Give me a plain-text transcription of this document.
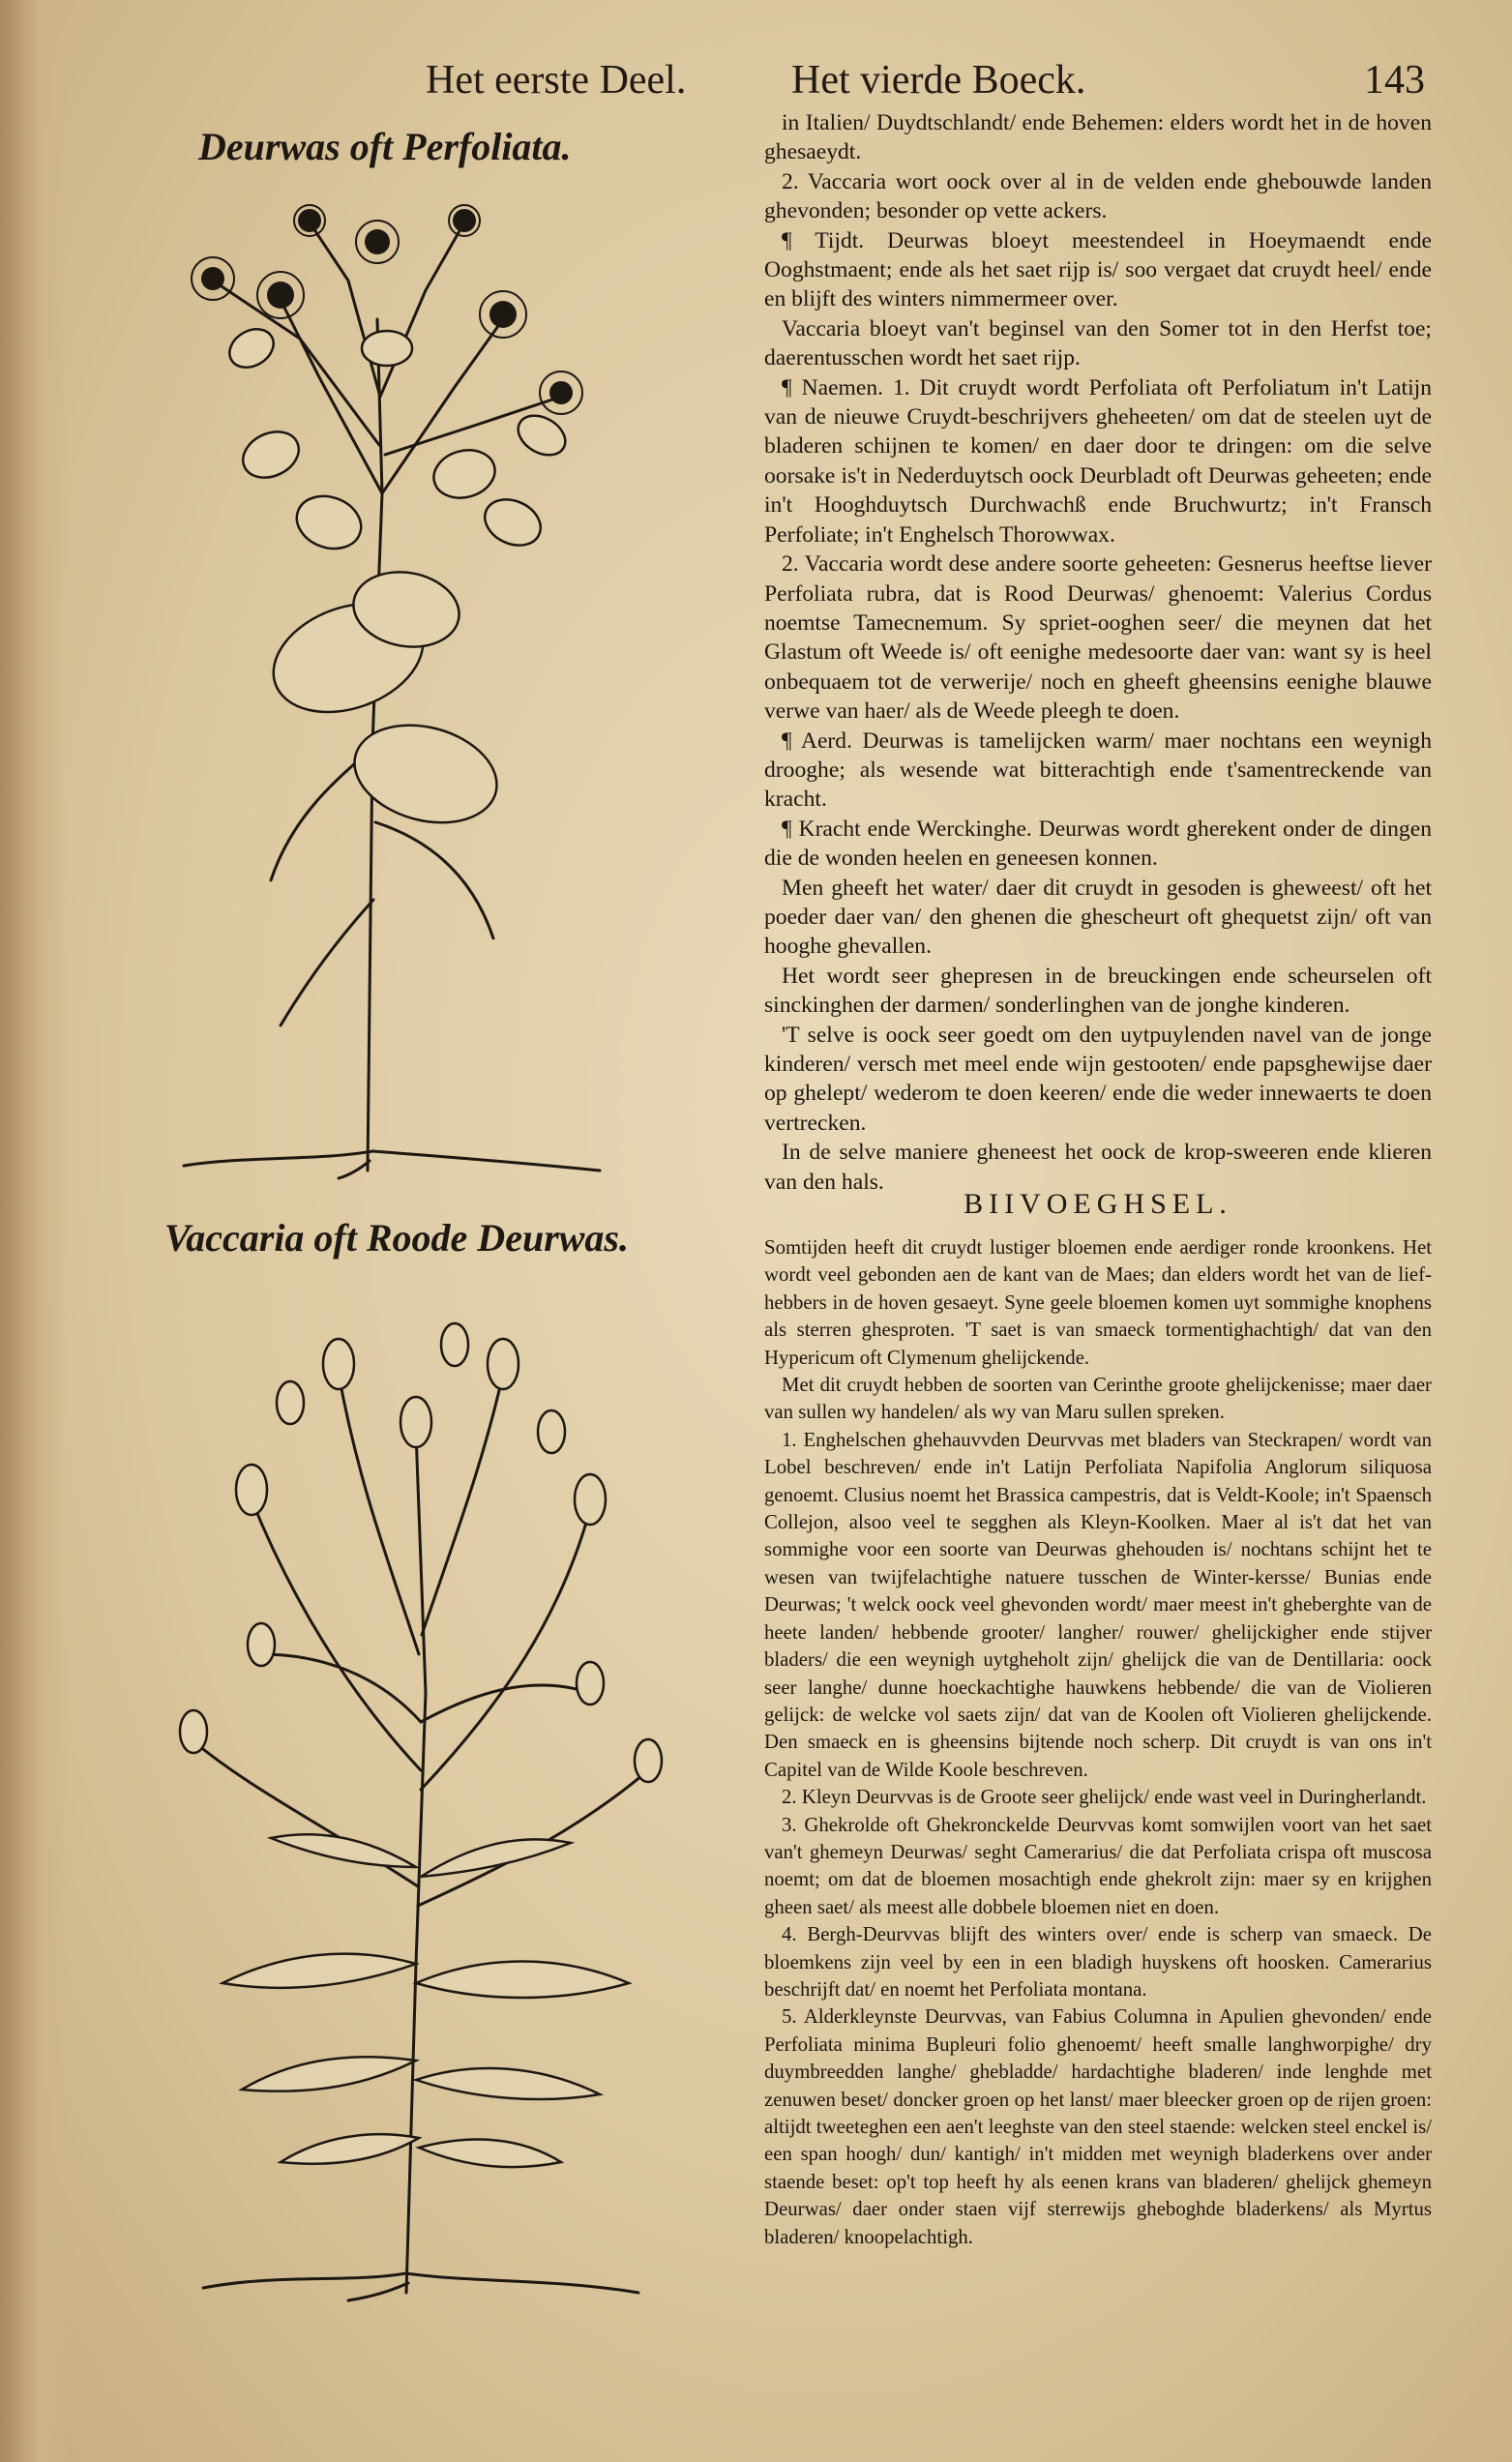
Het eerste Deel.	Het vierde Boeck.	143
Deurwas oft Perfoliata.
Vaccaria oft Roode Deurwas.

in Italien/ Duydtschlandt/ ende Behemen: elders wordt het in de hoven ghesaeydt.

2. Vaccaria wort oock over al in de velden ende ghebouwde landen ghevonden; besonder op vette ackers.

¶ Tijdt. Deurwas bloeyt meestendeel in Hoeymaendt ende Ooghstmaent; ende als het saet rijp is/ soo vergaet dat cruydt heel/ ende en blijft des winters nimmermeer over.

Vaccaria bloeyt van't beginsel van den Somer tot in den Herfst toe; daerentusschen wordt het saet rijp.

¶ Naemen. 1. Dit cruydt wordt Perfoliata oft Perfoliatum in't Latijn van de nieuwe Cruydt-beschrijvers gheheeten/ om dat de steelen uyt de bladeren schijnen te komen/ en daer door te dringen: om die selve oorsake is't in Nederduytsch oock Deurbladt oft Deurwas geheeten; ende in't Hooghduytsch Durchwachß ende Bruchwurtz; in't Fransch Perfoliate; in't Enghelsch Thorowwax.

2. Vaccaria wordt dese andere soorte geheeten: Gesnerus heeftse liever Perfoliata rubra, dat is Rood Deurwas/ ghenoemt: Valerius Cordus noemtse Tamecnemum. Sy spriet-ooghen seer/ die meynen dat het Glastum oft Weede is/ oft eenighe medesoorte daer van: want sy is heel onbequaem tot de verwerije/ noch en gheeft gheensins eenighe blauwe verwe van haer/ als de Weede pleegh te doen.

¶ Aerd. Deurwas is tamelijcken warm/ maer nochtans een weynigh drooghe; als wesende wat bitterachtigh ende t'samentreckende van kracht.

¶ Kracht ende Werckinghe. Deurwas wordt gherekent onder de dingen die de wonden heelen en geneesen konnen.

Men gheeft het water/ daer dit cruydt in gesoden is gheweest/ oft het poeder daer van/ den ghenen die ghescheurt oft ghequetst zijn/ oft van hooghe ghevallen.

Het wordt seer ghepresen in de breuckingen ende scheurselen oft sinckinghen der darmen/ sonderlinghen van de jonghe kinderen.

'T selve is oock seer goedt om den uytpuylenden navel van de jonge kinderen/ versch met meel ende wijn gestooten/ ende papsghewijse daer op ghelept/ wederom te doen keeren/ ende die weder innewaerts te doen vertrecken.

In de selve maniere gheneest het oock de krop-sweeren ende klieren van den hals.

BIIVOEGHSEL.

Somtijden heeft dit cruydt lustiger bloemen ende aerdiger ronde kroonkens. Het wordt veel gebonden aen de kant van de Maes; dan elders wordt het van de lief-hebbers in de hoven gesaeyt. Syne geele bloemen komen uyt sommighe knophens als sterren ghesproten. 'T saet is van smaeck tormentighachtigh/ dat van den Hypericum oft Clymenum ghelijckende.

Met dit cruydt hebben de soorten van Cerinthe groote ghelijckenisse; maer daer van sullen wy handelen/ als wy van Maru sullen spreken.

1. Enghelschen ghehauvvden Deurvvas met bladers van Steckrapen/ wordt van Lobel beschreven/ ende in't Latijn Perfoliata Napifolia Anglorum siliquosa genoemt. Clusius noemt het Brassica campestris, dat is Veldt-Koole; in't Spaensch Collejon, alsoo veel te segghen als Kleyn-Koolken. Maer al is't dat het van sommighe voor een soorte van Deurwas ghehouden is/ nochtans schijnt het te wesen van twijfelachtighe natuere tusschen de Winter-kersse/ Bunias ende Deurwas; 't welck oock veel ghevonden wordt/ maer meest in't gheberghte van de heete landen/ hebbende grooter/ langher/ rouwer/ ghelijckigher ende stijver bladers/ die een weynigh uytgheholt zijn/ ghelijck die van de Dentillaria: oock seer langhe/ dunne hoeckachtighe hauwkens hebbende/ die van de Violieren gelijck: de welcke vol saets zijn/ dat van de Koolen oft Violieren ghelijckende. Den smaeck en is gheensins bijtende noch scherp. Dit cruydt is van ons in't Capitel van de Wilde Koole beschreven.

2. Kleyn Deurvvas is de Groote seer ghelijck/ ende wast veel in Duringherlandt.

3. Ghekrolde oft Ghekronckelde Deurvvas komt somwijlen voort van het saet van't ghemeyn Deurwas/ seght Camerarius/ die dat Perfoliata crispa oft muscosa noemt; om dat de bloemen mosachtigh ende ghekrolt zijn: maer sy en krijghen gheen saet/ als meest alle dobbele bloemen niet en doen.

4. Bergh-Deurvvas blijft des winters over/ ende is scherp van smaeck. De bloemkens zijn veel by een in een bladigh huyskens oft hoosken. Camerarius beschrijft dat/ en noemt het Perfoliata montana.

5. Alderkleynste Deurvvas, van Fabius Columna in Apulien ghevonden/ ende Perfoliata minima Bupleuri folio ghenoemt/ heeft smalle langhworpighe/ dry duymbreedden langhe/ ghebladde/ hardachtighe bladeren/ inde lenghde met zenuwen beset/ doncker groen op het lanst/ maer bleecker groen op de rijen groen: altijdt tweeteghen een aen't leeghste van den steel staende: welcken steel enckel is/ een span hoogh/ dun/ kantigh/ in't midden met weynigh bladerkens over ander staende beset: op't top heeft hy als eenen krans van bladeren/ ghelijck ghemeyn Deurwas/ daer onder staen vijf sterrewijs gheboghde bladerkens/ als Myrtus bladeren/ knoopelachtigh.
